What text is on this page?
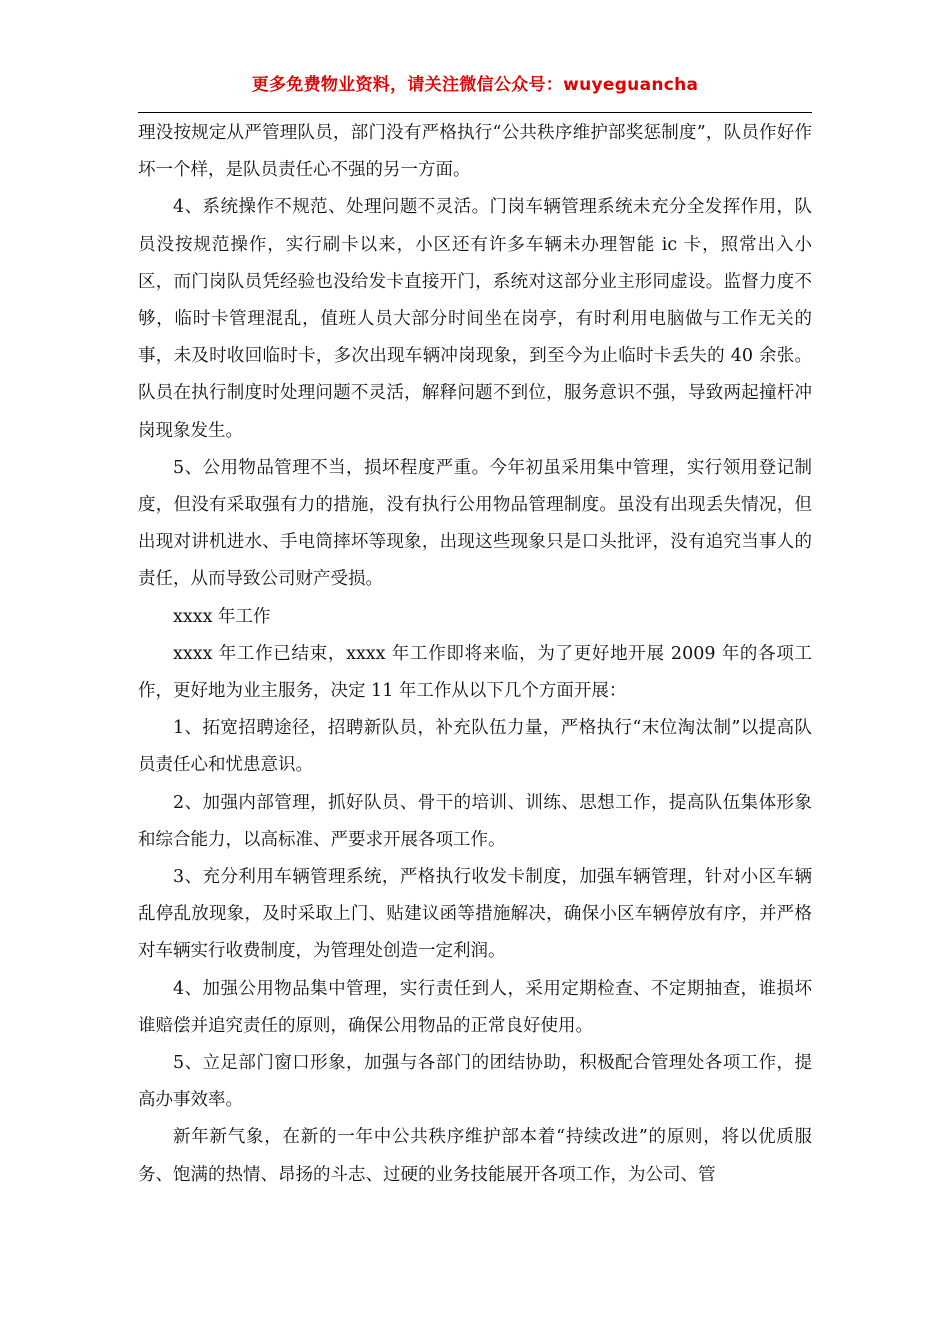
更多免费物业资料，请关注微信公众号：wuyeguancha

理没按规定从严管理队员，部门没有严格执行“公共秩序维护部奖惩制度”，队员作好作坏一个样，是队员责任心不强的另一方面。

4、系统操作不规范、处理问题不灵活。门岗车辆管理系统未充分全发挥作用，队员没按规范操作，实行刷卡以来，小区还有许多车辆未办理智能 ic 卡，照常出入小区，而门岗队员凭经验也没给发卡直接开门，系统对这部分业主形同虚设。监督力度不够，临时卡管理混乱，值班人员大部分时间坐在岗亭，有时利用电脑做与工作无关的事，未及时收回临时卡，多次出现车辆冲岗现象，到至今为止临时卡丢失的 40 余张。队员在执行制度时处理问题不灵活，解释问题不到位，服务意识不强，导致两起撞杆冲岗现象发生。

5、公用物品管理不当，损坏程度严重。今年初虽采用集中管理，实行领用登记制度，但没有采取强有力的措施，没有执行公用物品管理制度。虽没有出现丢失情况，但出现对讲机进水、手电筒摔坏等现象，出现这些现象只是口头批评，没有追究当事人的责任，从而导致公司财产受损。

xxxx 年工作

xxxx 年工作已结束，xxxx 年工作即将来临，为了更好地开展 2009 年的各项工作，更好地为业主服务，决定 11 年工作从以下几个方面开展：

1、拓宽招聘途径，招聘新队员，补充队伍力量，严格执行“末位淘汰制”以提高队员责任心和忧患意识。

2、加强内部管理，抓好队员、骨干的培训、训练、思想工作，提高队伍集体形象和综合能力，以高标准、严要求开展各项工作。

3、充分利用车辆管理系统，严格执行收发卡制度，加强车辆管理，针对小区车辆乱停乱放现象，及时采取上门、贴建议函等措施解决，确保小区车辆停放有序，并严格对车辆实行收费制度，为管理处创造一定利润。

4、加强公用物品集中管理，实行责任到人，采用定期检查、不定期抽查，谁损坏谁赔偿并追究责任的原则，确保公用物品的正常良好使用。

5、立足部门窗口形象，加强与各部门的团结协助，积极配合管理处各项工作，提高办事效率。

新年新气象，在新的一年中公共秩序维护部本着“持续改进”的原则，将以优质服务、饱满的热情、昂扬的斗志、过硬的业务技能展开各项工作，为公司、管
